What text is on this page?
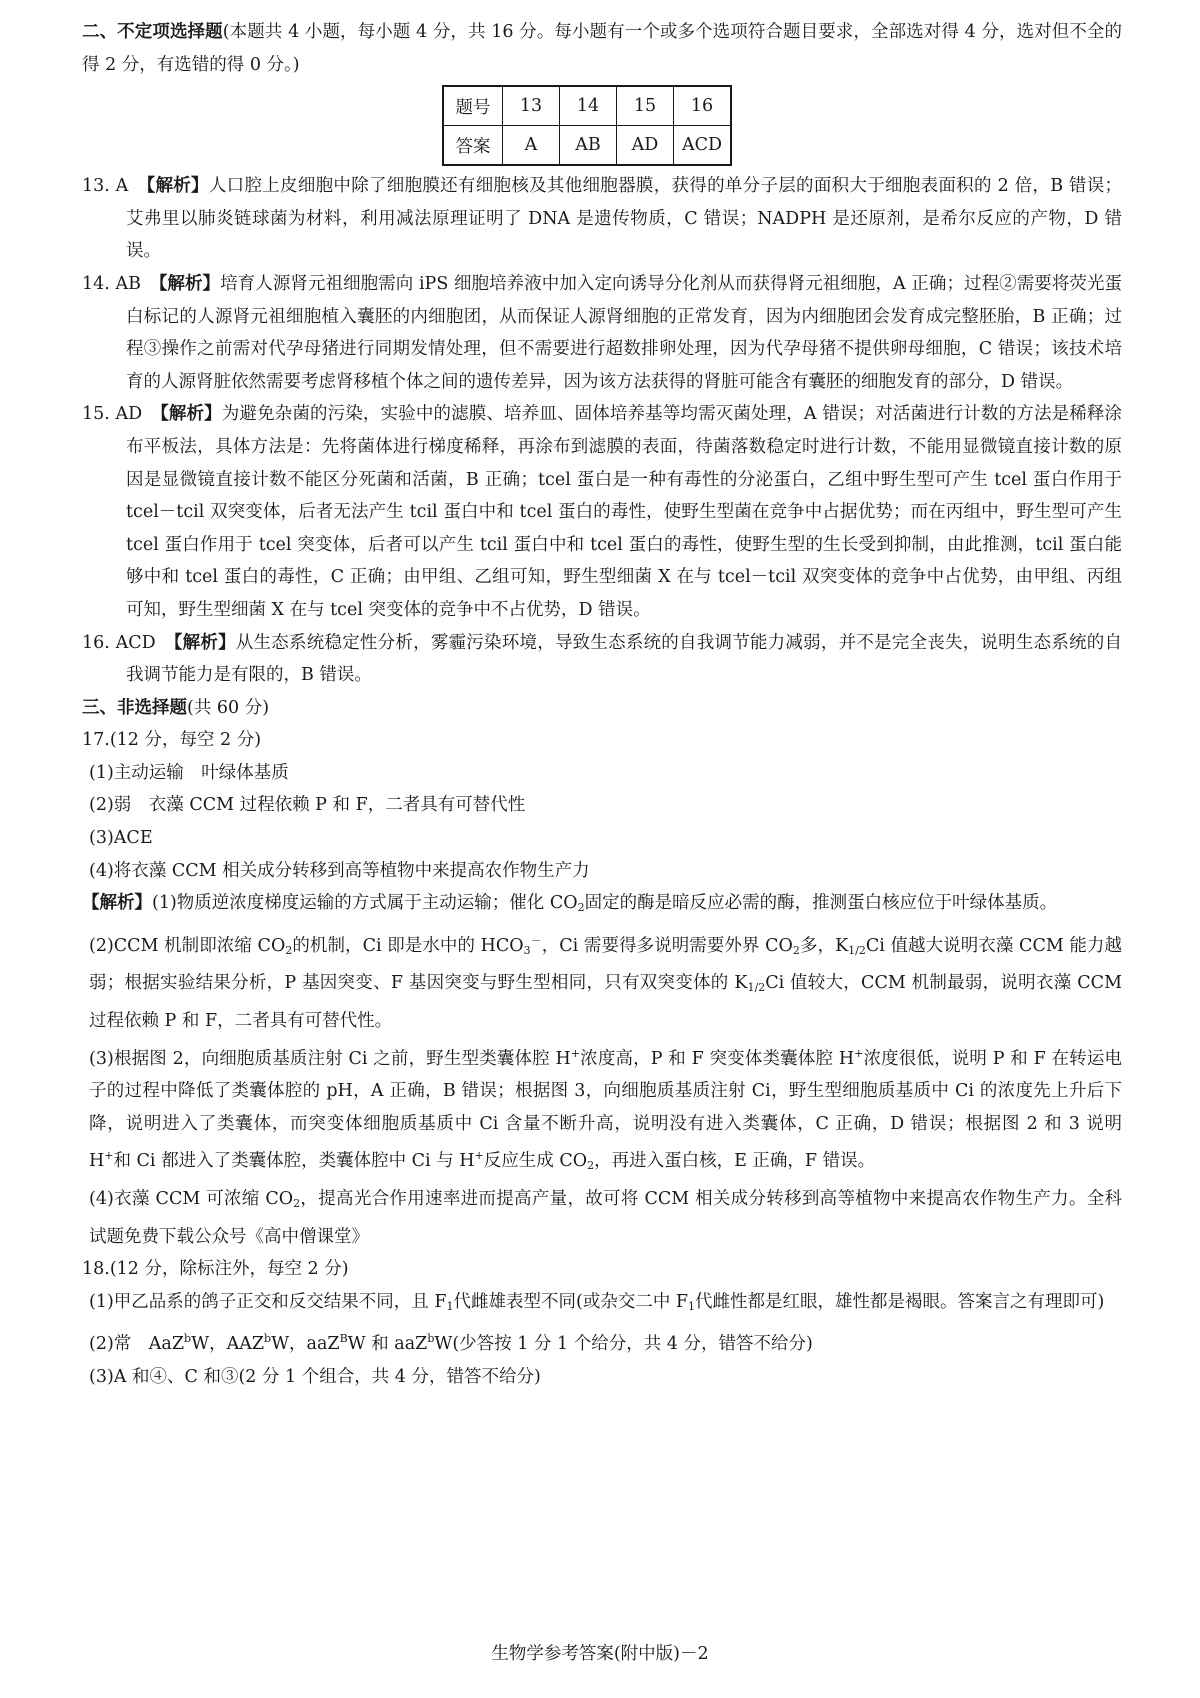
二、不定项选择题(本题共 4 小题，每小题 4 分，共 16 分。每小题有一个或多个选项符合题目要求，全部选对得 4 分，选对但不全的得 2 分，有选错的得 0 分。)

题号	13	14	15	16
答案	A	AB	AD	ACD

13. A　 【解析】人口腔上皮细胞中除了细胞膜还有细胞核及其他细胞器膜，获得的单分子层的面积大于细胞表面积的 2 倍，B 错误；艾弗里以肺炎链球菌为材料，利用减法原理证明了 DNA 是遗传物质，C 错误；NADPH 是还原剂，是希尔反应的产物，D 错误。

14. AB　 【解析】培育人源肾元祖细胞需向 iPS 细胞培养液中加入定向诱导分化剂从而获得肾元祖细胞，A 正确；过程②需要将荧光蛋白标记的人源肾元祖细胞植入囊胚的内细胞团，从而保证人源肾细胞的正常发育，因为内细胞团会发育成完整胚胎，B 正确；过程③操作之前需对代孕母猪进行同期发情处理，但不需要进行超数排卵处理，因为代孕母猪不提供卵母细胞，C 错误；该技术培育的人源肾脏依然需要考虑肾移植个体之间的遗传差异，因为该方法获得的肾脏可能含有囊胚的细胞发育的部分，D 错误。

15. AD　 【解析】为避免杂菌的污染，实验中的滤膜、培养皿、固体培养基等均需灭菌处理，A 错误；对活菌进行计数的方法是稀释涂布平板法，具体方法是：先将菌体进行梯度稀释，再涂布到滤膜的表面，待菌落数稳定时进行计数，不能用显微镜直接计数的原因是显微镜直接计数不能区分死菌和活菌，B 正确；tcel 蛋白是一种有毒性的分泌蛋白，乙组中野生型可产生 tcel 蛋白作用于 tcel－tcil 双突变体，后者无法产生 tcil 蛋白中和 tcel 蛋白的毒性，使野生型菌在竞争中占据优势；而在丙组中，野生型可产生 tcel 蛋白作用于 tcel 突变体，后者可以产生 tcil 蛋白中和 tcel 蛋白的毒性，使野生型的生长受到抑制，由此推测，tcil 蛋白能够中和 tcel 蛋白的毒性，C 正确；由甲组、乙组可知，野生型细菌 X 在与 tcel－tcil 双突变体的竞争中占优势，由甲组、丙组可知，野生型细菌 X 在与 tcel 突变体的竞争中不占优势，D 错误。

16. ACD　 【解析】从生态系统稳定性分析，雾霾污染环境，导致生态系统的自我调节能力减弱，并不是完全丧失，说明生态系统的自我调节能力是有限的，B 错误。

三、非选择题(共 60 分)

17.(12 分，每空 2 分)

(1)主动运输　叶绿体基质

(2)弱　衣藻 CCM 过程依赖 P 和 F，二者具有可替代性

(3)ACE

(4)将衣藻 CCM 相关成分转移到高等植物中来提高农作物生产力

【解析】(1)物质逆浓度梯度运输的方式属于主动运输；催化 $CO_2$固定的酶是暗反应必需的酶，推测蛋白核应位于叶绿体基质。

(2)CCM 机制即浓缩 $CO_2$的机制，Ci 即是水中的 $HCO_3^-$，Ci 需要得多说明需要外界 $CO_2$多，$K_{1/2}Ci$ 值越大说明衣藻 CCM 能力越弱；根据实验结果分析，P 基因突变、F 基因突变与野生型相同，只有双突变体的 $K_{1/2}Ci$ 值较大，CCM 机制最弱，说明衣藻 CCM 过程依赖 P 和 F，二者具有可替代性。

(3)根据图 2，向细胞质基质注射 Ci 之前，野生型类囊体腔 H+浓度高，P 和 F 突变体类囊体腔 H+浓度很低，说明 P 和 F 在转运电子的过程中降低了类囊体腔的 pH，A 正确，B 错误；根据图 3，向细胞质基质注射 Ci，野生型细胞质基质中 Ci 的浓度先上升后下降，说明进入了类囊体，而突变体细胞质基质中 Ci 含量不断升高，说明没有进入类囊体，C 正确，D 错误；根据图 2 和 3 说明 H+和 Ci 都进入了类囊体腔，类囊体腔中 Ci 与 H+反应生成 $CO_2$，再进入蛋白核，E 正确，F 错误。

(4)衣藻 CCM 可浓缩 $CO_2$，提高光合作用速率进而提高产量，故可将 CCM 相关成分转移到高等植物中来提高农作物生产力。全科试题免费下载公众号《高中僧课堂》

18.(12 分，除标注外，每空 2 分)

(1)甲乙品系的鸽子正交和反交结果不同，且 $F_1$代雌雄表型不同(或杂交二中 $F_1$代雌性都是红眼，雄性都是褐眼。答案言之有理即可)

(2)常　AaZ$^b$W，AAZ$^b$W，aaZ$^B$W 和 aaZ$^b$W(少答按 1 分 1 个给分，共 4 分，错答不给分)

(3)A 和④、C 和③(2 分 1 个组合，共 4 分，错答不给分)

生物学参考答案(附中版)－2
